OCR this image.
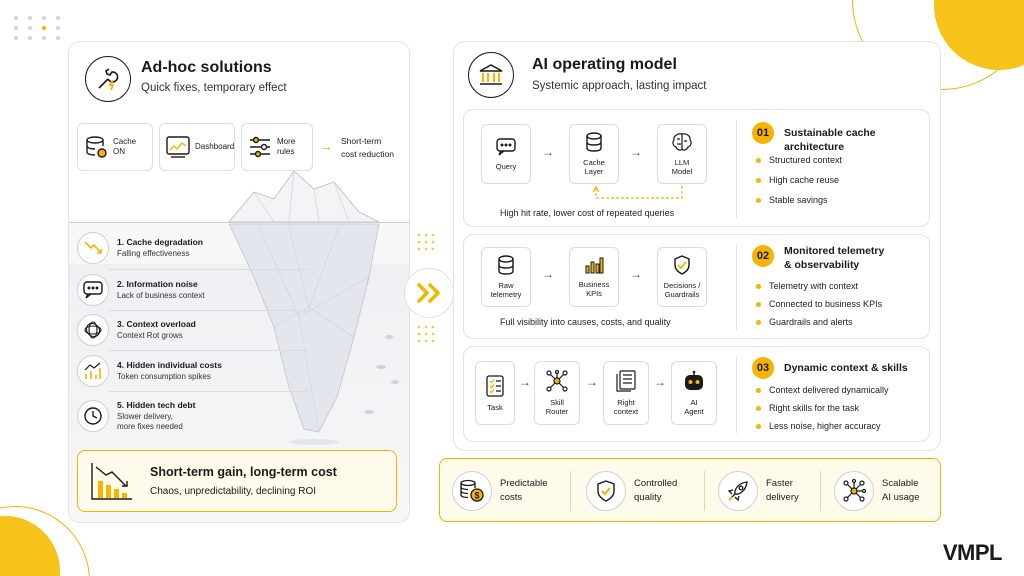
Ad-hoc solutions
Quick fixes, temporary effect
Cache
ON
Dashboard
More
rules → Short-term
cost reduction
1. Cache degradation
Falling effectiveness
2. Information noise
Lack of business context
3. Context overload
Context Rot grows
4. Hidden individual costs
Token consumption spikes
5. Hidden tech debt
Slower delivery,
more fixes needed
Short-term gain, long-term cost
Chaos, unpredictability, declining ROI
AI operating model
Systemic approach, lasting impact
Query
→
Cache
Layer
→
LLM
Model
High hit rate, lower cost of repeated queries
01	Sustainable cache architecture
Structured context
High cache reuse
Stable savings
Raw
telemetry
→
Business
KPIs
→
Decisions /
Guardrails
Full visibility into causes, costs, and quality
02	Monitored telemetry
& observability
Telemetry with context
Connected to business KPIs
Guardrails and alerts
Task
→
Skill
Router
→
Right
context
→
AI
Agent
03	Dynamic context & skills
Context delivered dynamically
Right skills for the task
Less noise, higher accuracy
$
Predictable
costs
Controlled
quality
Faster
delivery
Scalable
AI usage
VMPL
